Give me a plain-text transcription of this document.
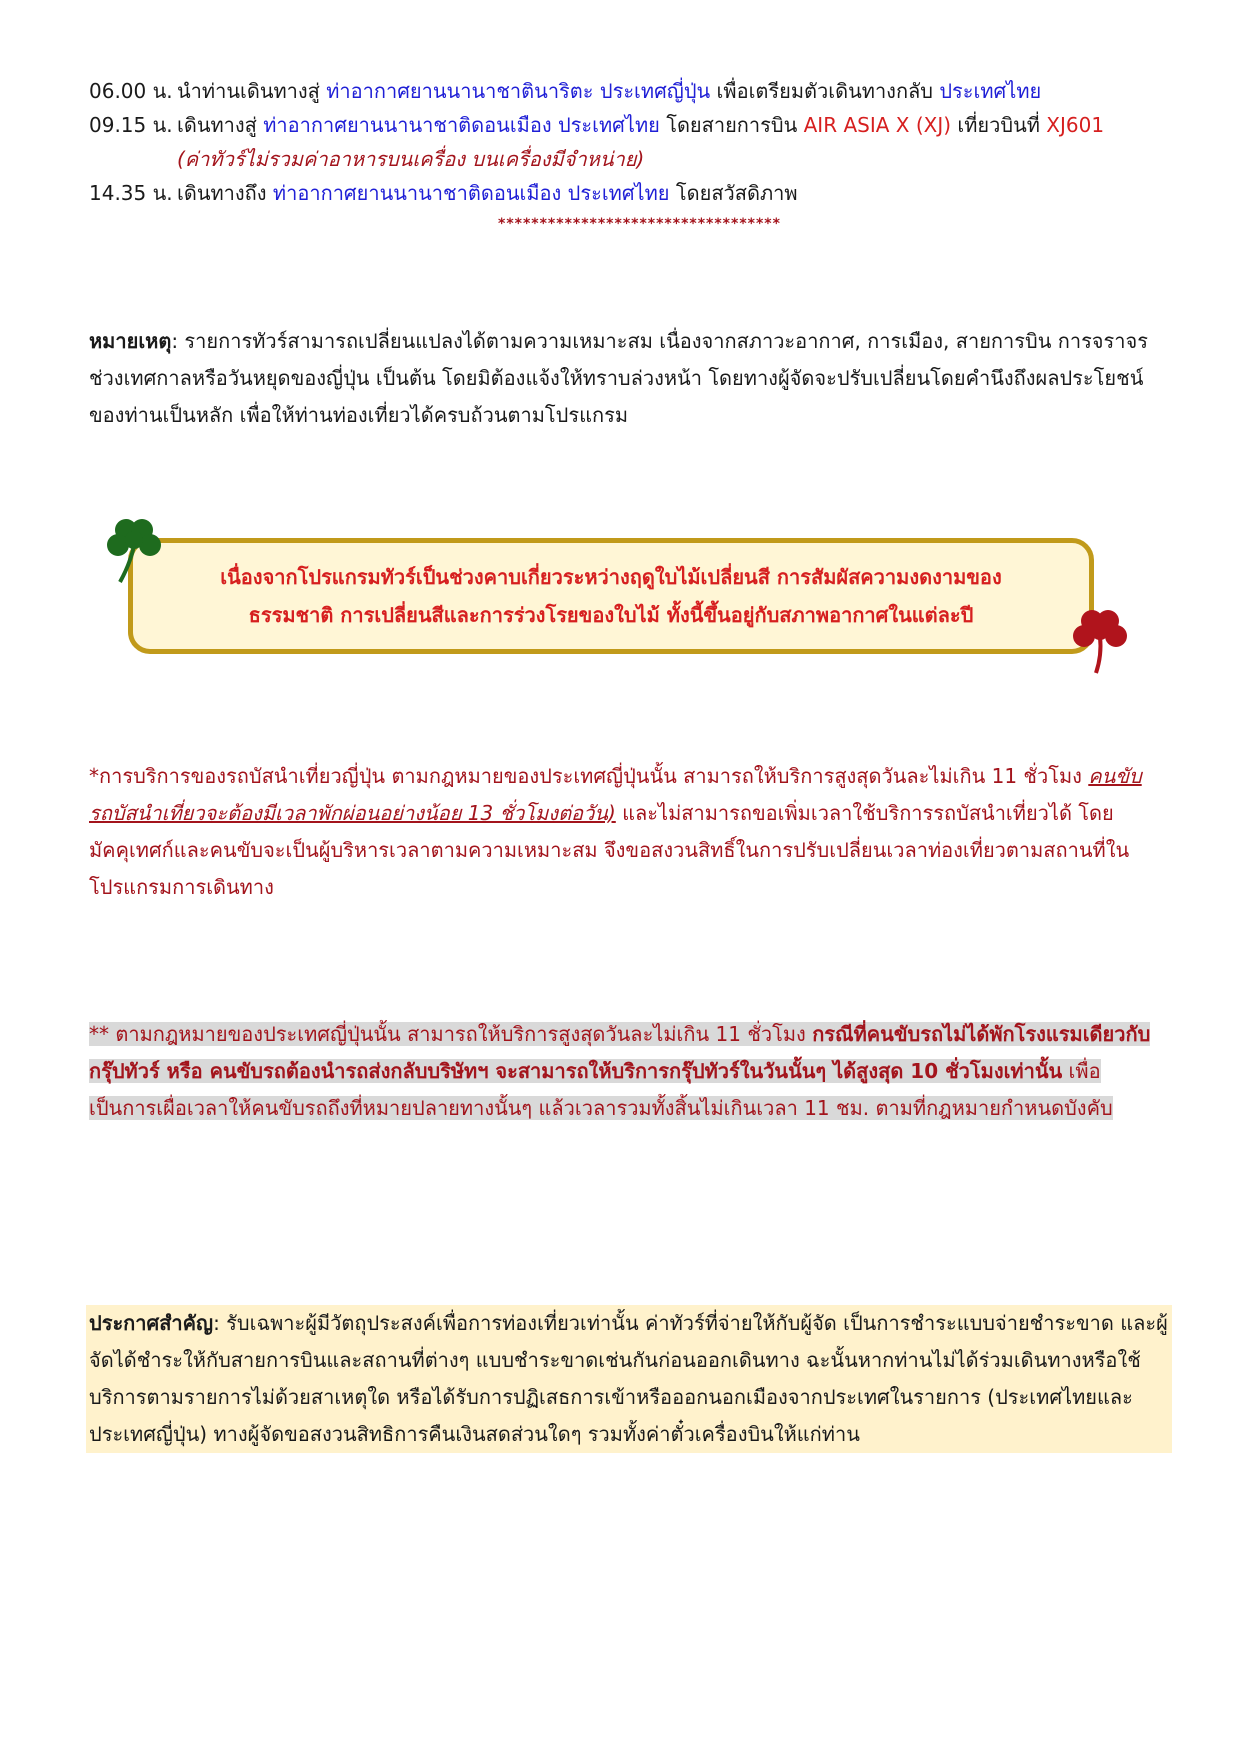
06.00 น. นำท่านเดินทางสู่ ท่าอากาศยานนานาชาตินาริตะ ประเทศญี่ปุ่น เพื่อเตรียมตัวเดินทางกลับ ประเทศไทย
09.15 น. เดินทางสู่ ท่าอากาศยานนานาชาติดอนเมือง ประเทศไทย โดยสายการบิน AIR ASIA X (XJ) เที่ยวบินที่ XJ601
(ค่าทัวร์ไม่รวมค่าอาหารบนเครื่อง บนเครื่องมีจำหน่าย)
14.35 น. เดินทางถึง ท่าอากาศยานนานาชาติดอนเมือง ประเทศไทย โดยสวัสดิภาพ
**********************************
หมายเหตุ: รายการทัวร์สามารถเปลี่ยนแปลงได้ตามความเหมาะสม เนื่องจากสภาวะอากาศ, การเมือง, สายการบิน การจราจรช่วงเทศกาลหรือวันหยุดของญี่ปุ่น เป็นต้น โดยมิต้องแจ้งให้ทราบล่วงหน้า โดยทางผู้จัดจะปรับเปลี่ยนโดยคำนึงถึงผลประโยชน์ของท่านเป็นหลัก เพื่อให้ท่านท่องเที่ยวได้ครบถ้วนตามโปรแกรม
เนื่องจากโปรแกรมทัวร์เป็นช่วงคาบเกี่ยวระหว่างฤดูใบไม้เปลี่ยนสี การสัมผัสความงดงามของ
ธรรมชาติ การเปลี่ยนสีและการร่วงโรยของใบไม้ ทั้งนี้ขึ้นอยู่กับสภาพอากาศในแต่ละปี
*การบริการของรถบัสนำเที่ยวญี่ปุ่น ตามกฎหมายของประเทศญี่ปุ่นนั้น สามารถให้บริการสูงสุดวันละไม่เกิน 11 ชั่วโมง คนขับรถบัสนำเที่ยวจะต้องมีเวลาพักผ่อนอย่างน้อย 13 ชั่วโมงต่อวัน) และไม่สามารถขอเพิ่มเวลาใช้บริการรถบัสนำเที่ยวได้ โดยมัคคุเทศก์และคนขับจะเป็นผู้บริหารเวลาตามความเหมาะสม จึงขอสงวนสิทธิ์ในการปรับเปลี่ยนเวลาท่องเที่ยวตามสถานที่ในโปรแกรมการเดินทาง
** ตามกฎหมายของประเทศญี่ปุ่นนั้น สามารถให้บริการสูงสุดวันละไม่เกิน 11 ชั่วโมง กรณีที่คนขับรถไม่ได้พักโรงแรมเดียวกับกรุ๊ปทัวร์ หรือ คนขับรถต้องนำรถส่งกลับบริษัทฯ จะสามารถให้บริการกรุ๊ปทัวร์ในวันนั้นๆ ได้สูงสุด 10 ชั่วโมงเท่านั้น เพื่อเป็นการเผื่อเวลาให้คนขับรถถึงที่หมายปลายทางนั้นๆ แล้วเวลารวมทั้งสิ้นไม่เกินเวลา 11 ชม. ตามที่กฎหมายกำหนดบังคับ
ประกาศสำคัญ: รับเฉพาะผู้มีวัตถุประสงค์เพื่อการท่องเที่ยวเท่านั้น ค่าทัวร์ที่จ่ายให้กับผู้จัด เป็นการชำระแบบจ่ายชำระขาด และผู้จัดได้ชำระให้กับสายการบินและสถานที่ต่างๆ แบบชำระขาดเช่นกันก่อนออกเดินทาง ฉะนั้นหากท่านไม่ได้ร่วมเดินทางหรือใช้บริการตามรายการไม่ด้วยสาเหตุใด หรือได้รับการปฏิเสธการเข้าหรือออกนอกเมืองจากประเทศในรายการ (ประเทศไทยและประเทศญี่ปุ่น) ทางผู้จัดขอสงวนสิทธิการคืนเงินสดส่วนใดๆ รวมทั้งค่าตั๋วเครื่องบินให้แก่ท่าน
